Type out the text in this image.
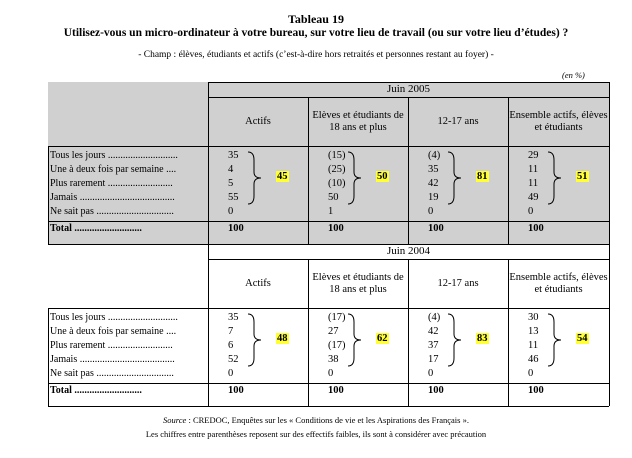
Tableau 19
Utilisez-vous un micro-ordinateur à votre bureau, sur votre lieu de travail (ou sur votre lieu d’études) ?
- Champ : élèves, étudiants et actifs (c’est-à-dire hors retraités et personnes restant au foyer) -
(en %)
Juin 2005
Actifs
Elèves et étudiants de 18 ans et plus
12-17 ans
Ensemble actifs, élèves et étudiants
Tous les jours ............................
Une à deux fois par semaine ....
Plus rarement ..........................
Jamais ......................................
Ne sait pas ...............................
Total ...........................
35
4
5
55
0
100
45
(15)
(25)
(10)
50
1
100
50
(4)
35
42
19
0
100
81
29
11
11
49
0
100
51
Juin 2004
Actifs
Elèves et étudiants de 18 ans et plus
12-17 ans
Ensemble actifs, élèves et étudiants
Tous les jours ............................
Une à deux fois par semaine ....
Plus rarement ..........................
Jamais ......................................
Ne sait pas ...............................
Total ...........................
35
7
6
52
0
100
48
(17)
27
(17)
38
0
100
62
(4)
42
37
17
0
100
83
30
13
11
46
0
100
54
Source : CREDOC, Enquêtes sur les « Conditions de vie et les Aspirations des Français ».
Les chiffres entre parenthèses reposent sur des effectifs faibles, ils sont à considérer avec précaution
